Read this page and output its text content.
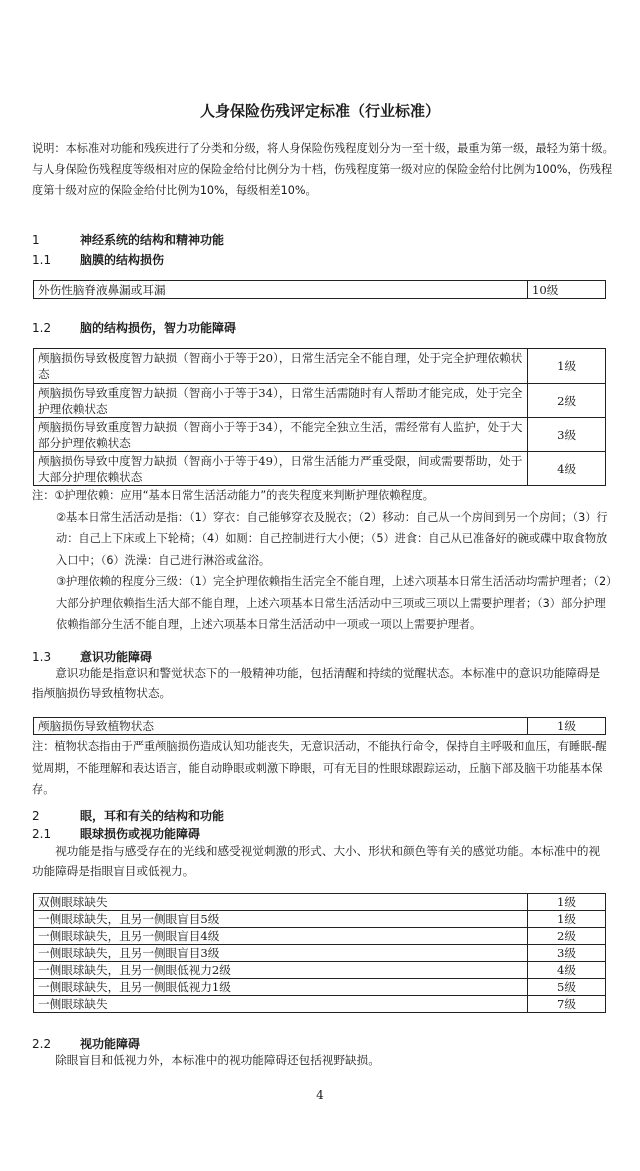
人身保险伤残评定标准（行业标准）
说明：本标准对功能和残疾进行了分类和分级，将人身保险伤残程度划分为一至十级，最重为第一级，最轻为第十级。与人身保险伤残程度等级相对应的保险金给付比例分为十档，伤残程度第一级对应的保险金给付比例为100%，伤残程度第十级对应的保险金给付比例为10%，每级相差10%。
1	神经系统的结构和精神功能
1.1 脑膜的结构损伤
外伤性脑脊液鼻漏或耳漏	10级
1.2 脑的结构损伤，智力功能障碍
颅脑损伤导致极度智力缺损（智商小于等于20），日常生活完全不能自理，处于完全护理依赖状态	1级
颅脑损伤导致重度智力缺损（智商小于等于34），日常生活需随时有人帮助才能完成，处于完全护理依赖状态	2级
颅脑损伤导致重度智力缺损（智商小于等于34），不能完全独立生活，需经常有人监护，处于大部分护理依赖状态	3级
颅脑损伤导致中度智力缺损（智商小于等于49），日常生活能力严重受限，间或需要帮助，处于大部分护理依赖状态	4级
注：①护理依赖：应用“基本日常生活活动能力”的丧失程度来判断护理依赖程度。
②基本日常生活活动是指：（1）穿衣：自己能够穿衣及脱衣；（2）移动：自己从一个房间到另一个房间；（3）行动：自己上下床或上下轮椅；（4）如厕：自己控制进行大小便；（5）进食：自己从已准备好的碗或碟中取食物放入口中；（6）洗澡：自己进行淋浴或盆浴。
③护理依赖的程度分三级：（1）完全护理依赖指生活完全不能自理，上述六项基本日常生活活动均需护理者；（2）大部分护理依赖指生活大部不能自理，上述六项基本日常生活活动中三项或三项以上需要护理者；（3）部分护理依赖指部分生活不能自理，上述六项基本日常生活活动中一项或一项以上需要护理者。
1.3 意识功能障碍
意识功能是指意识和警觉状态下的一般精神功能，包括清醒和持续的觉醒状态。本标准中的意识功能障碍是指颅脑损伤导致植物状态。
颅脑损伤导致植物状态	1级
注：植物状态指由于严重颅脑损伤造成认知功能丧失，无意识活动，不能执行命令，保持自主呼吸和血压，有睡眠-醒觉周期，不能理解和表达语言，能自动睁眼或刺激下睁眼，可有无目的性眼球跟踪运动，丘脑下部及脑干功能基本保存。
2	眼，耳和有关的结构和功能
2.1 眼球损伤或视功能障碍
视功能是指与感受存在的光线和感受视觉刺激的形式、大小、形状和颜色等有关的感觉功能。本标准中的视功能障碍是指眼盲目或低视力。
双侧眼球缺失	1级
一侧眼球缺失，且另一侧眼盲目5级	1级
一侧眼球缺失，且另一侧眼盲目4级	2级
一侧眼球缺失，且另一侧眼盲目3级	3级
一侧眼球缺失，且另一侧眼低视力2级	4级
一侧眼球缺失，且另一侧眼低视力1级	5级
一侧眼球缺失	7级
2.2 视功能障碍
除眼盲目和低视力外，本标准中的视功能障碍还包括视野缺损。
4
